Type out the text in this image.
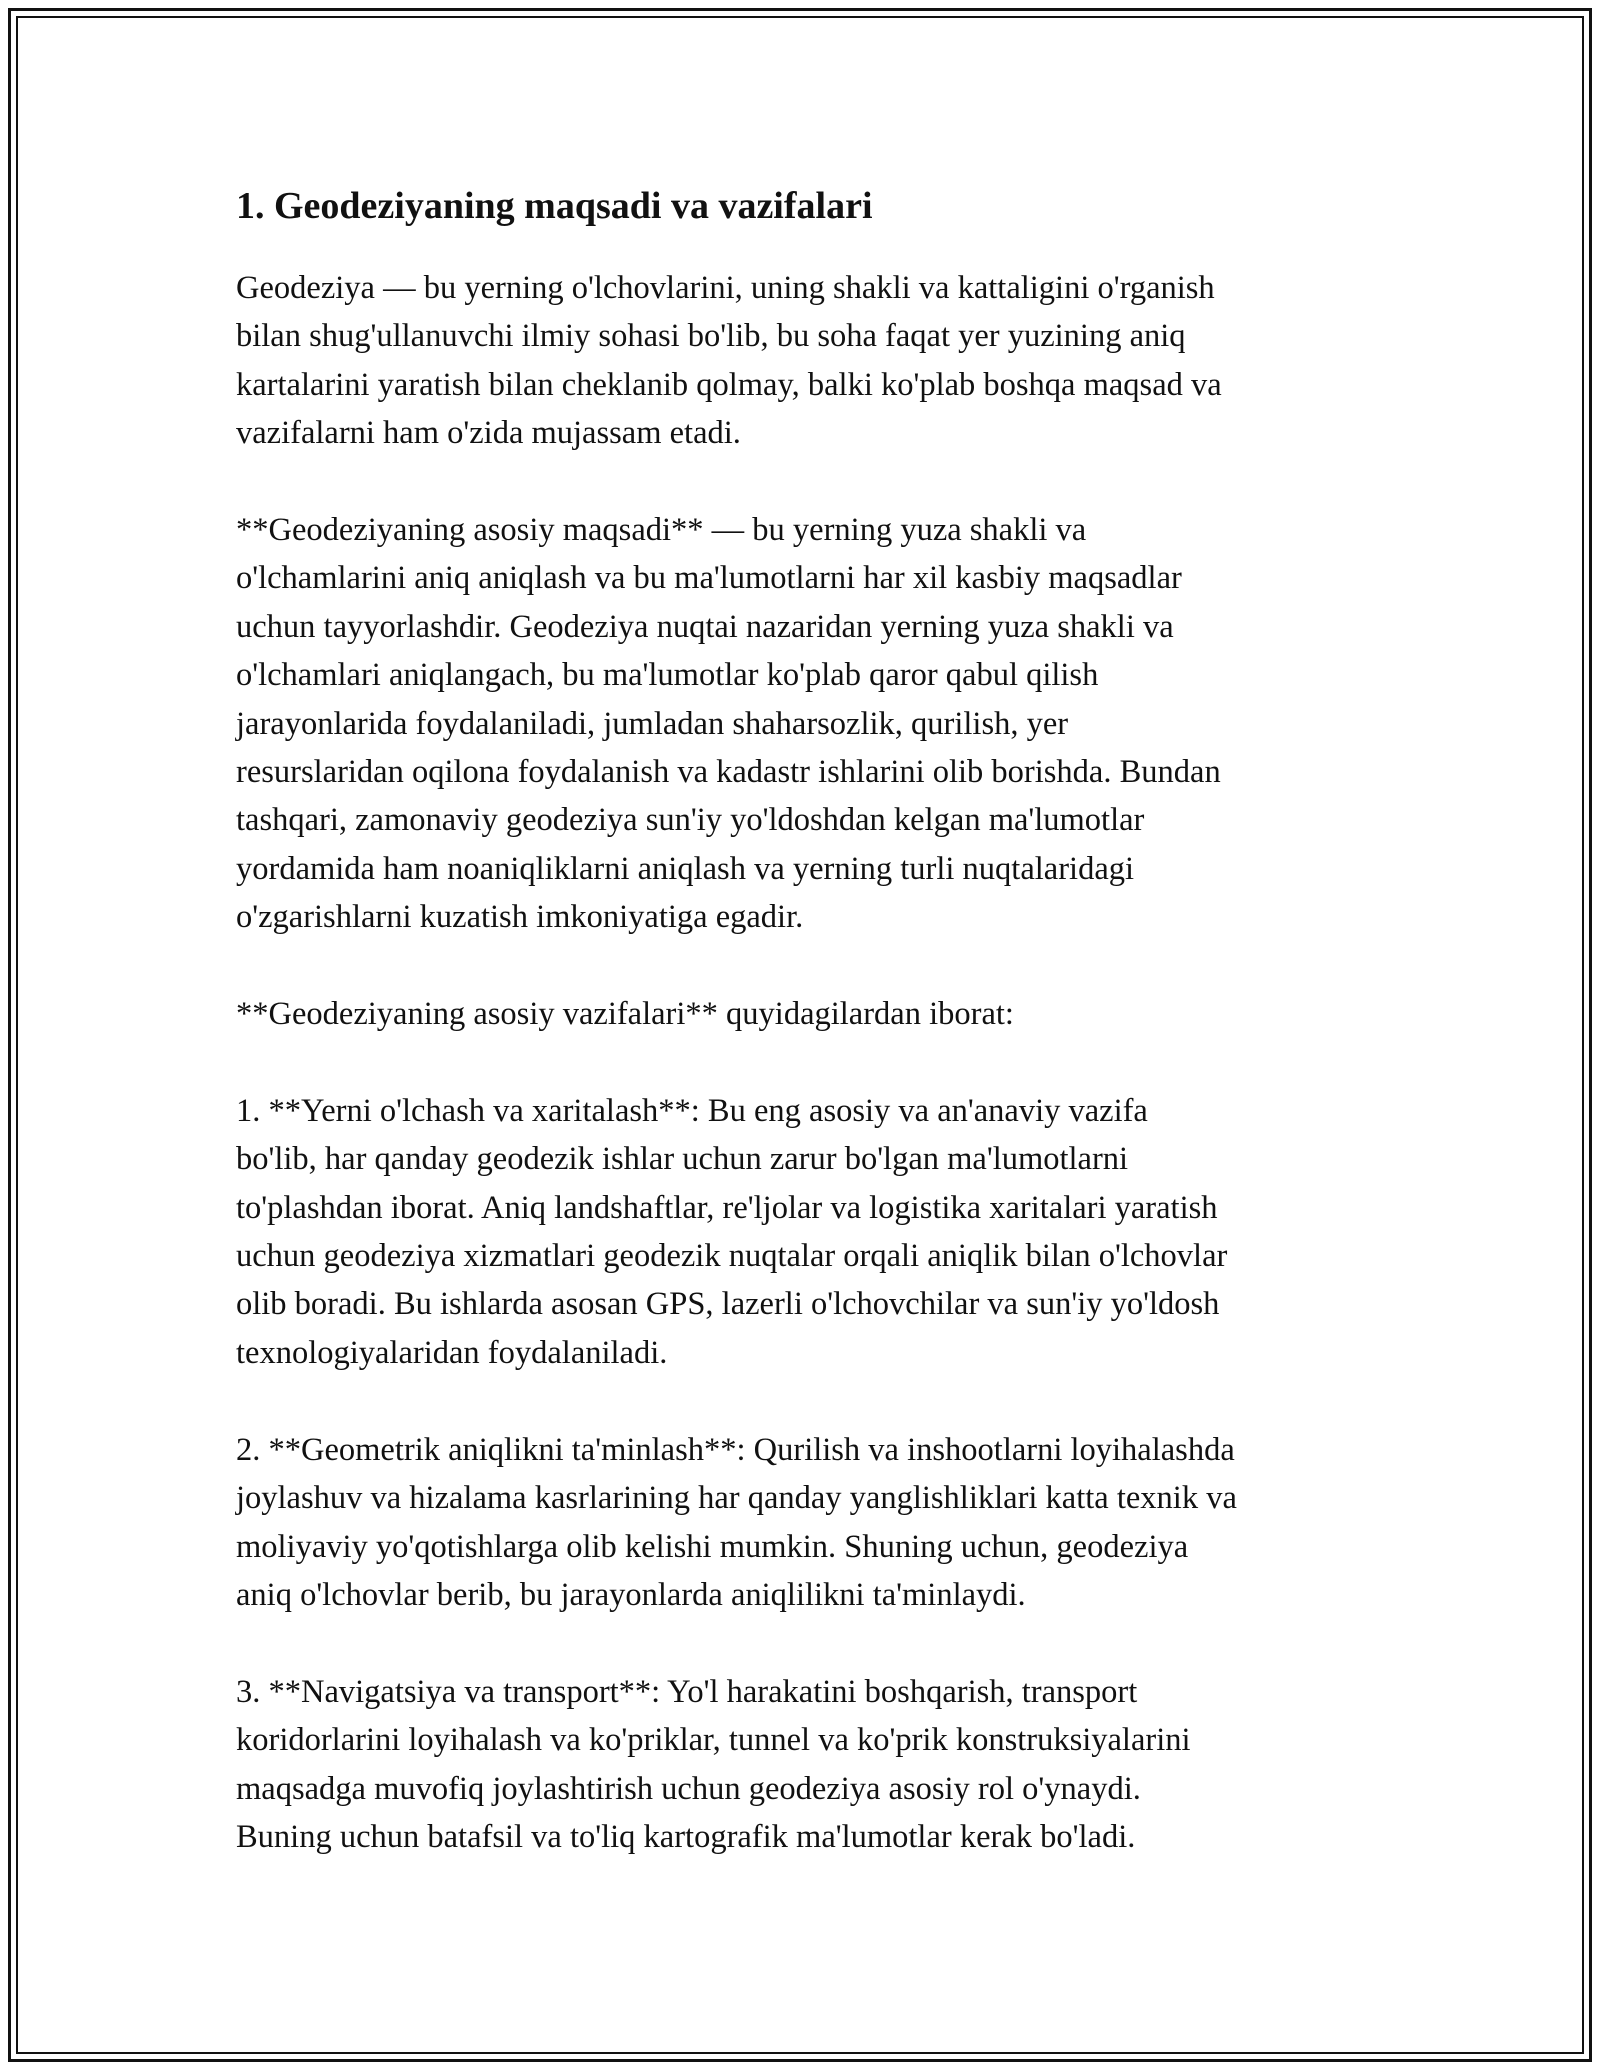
1. Geodeziyaning maqsadi va vazifalari

Geodeziya — bu yerning o'lchovlarini, uning shakli va kattaligini o'rganish
bilan shug'ullanuvchi ilmiy sohasi bo'lib, bu soha faqat yer yuzining aniq
kartalarini yaratish bilan cheklanib qolmay, balki ko'plab boshqa maqsad va
vazifalarni ham o'zida mujassam etadi.

**Geodeziyaning asosiy maqsadi** — bu yerning yuza shakli va
o'lchamlarini aniq aniqlash va bu ma'lumotlarni har xil kasbiy maqsadlar
uchun tayyorlashdir. Geodeziya nuqtai nazaridan yerning yuza shakli va
o'lchamlari aniqlangach, bu ma'lumotlar ko'plab qaror qabul qilish
jarayonlarida foydalaniladi, jumladan shaharsozlik, qurilish, yer
resurslaridan oqilona foydalanish va kadastr ishlarini olib borishda. Bundan
tashqari, zamonaviy geodeziya sun'iy yo'ldoshdan kelgan ma'lumotlar
yordamida ham noaniqliklarni aniqlash va yerning turli nuqtalaridagi
o'zgarishlarni kuzatish imkoniyatiga egadir.

**Geodeziyaning asosiy vazifalari** quyidagilardan iborat:

1. **Yerni o'lchash va xaritalash**: Bu eng asosiy va an'anaviy vazifa
bo'lib, har qanday geodezik ishlar uchun zarur bo'lgan ma'lumotlarni
to'plashdan iborat. Aniq landshaftlar, re'ljolar va logistika xaritalari yaratish
uchun geodeziya xizmatlari geodezik nuqtalar orqali aniqlik bilan o'lchovlar
olib boradi. Bu ishlarda asosan GPS, lazerli o'lchovchilar va sun'iy yo'ldosh
texnologiyalaridan foydalaniladi.

2. **Geometrik aniqlikni ta'minlash**: Qurilish va inshootlarni loyihalashda
joylashuv va hizalama kasrlarining har qanday yanglishliklari katta texnik va
moliyaviy yo'qotishlarga olib kelishi mumkin. Shuning uchun, geodeziya
aniq o'lchovlar berib, bu jarayonlarda aniqlilikni ta'minlaydi.

3. **Navigatsiya va transport**: Yo'l harakatini boshqarish, transport
koridorlarini loyihalash va ko'priklar, tunnel va ko'prik konstruksiyalarini
maqsadga muvofiq joylashtirish uchun geodeziya asosiy rol o'ynaydi.
Buning uchun batafsil va to'liq kartografik ma'lumotlar kerak bo'ladi.
